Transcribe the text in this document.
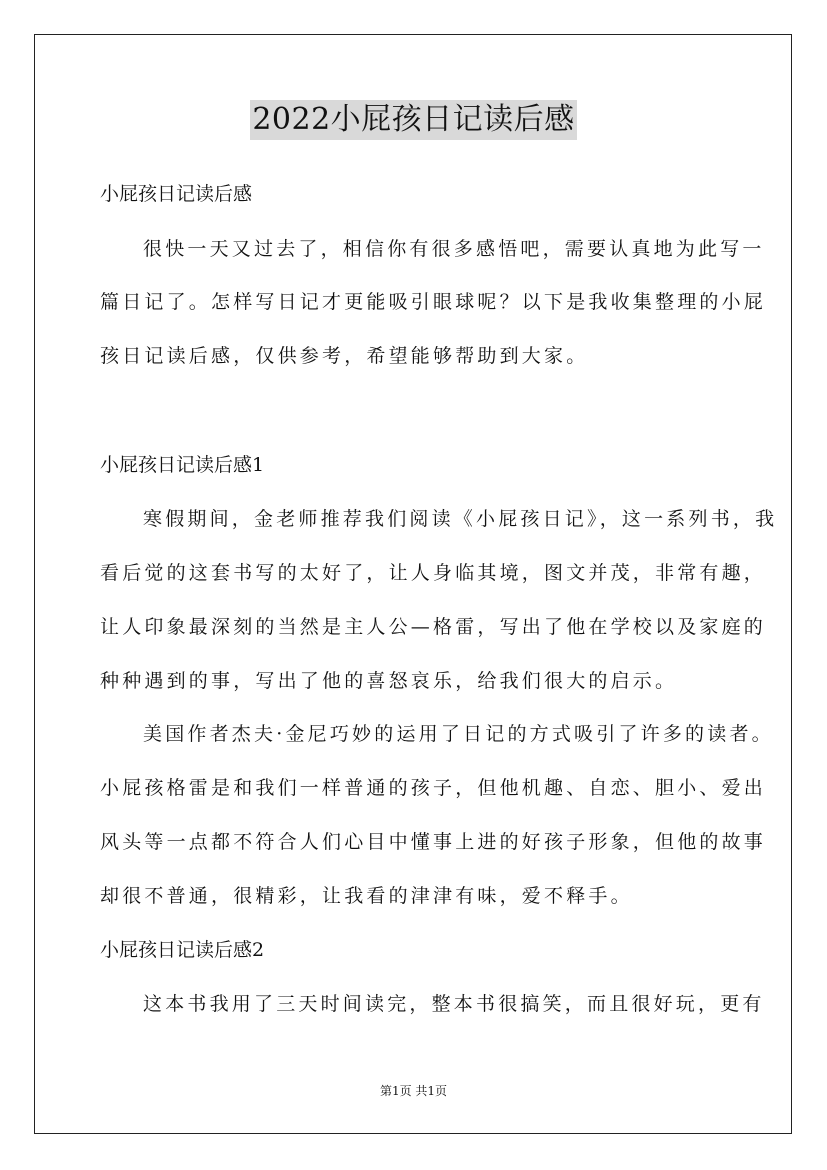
2022小屁孩日记读后感
小屁孩日记读后感
很快一天又过去了，相信你有很多感悟吧，需要认真地为此写一
篇日记了。怎样写日记才更能吸引眼球呢？以下是我收集整理的小屁
孩日记读后感，仅供参考，希望能够帮助到大家。
小屁孩日记读后感1
寒假期间，金老师推荐我们阅读《小屁孩日记》，这一系列书，我
看后觉的这套书写的太好了，让人身临其境，图文并茂，非常有趣，
让人印象最深刻的当然是主人公—格雷，写出了他在学校以及家庭的
种种遇到的事，写出了他的喜怒哀乐，给我们很大的启示。
美国作者杰夫·金尼巧妙的运用了日记的方式吸引了许多的读者。
小屁孩格雷是和我们一样普通的孩子，但他机趣、自恋、胆小、爱出
风头等一点都不符合人们心目中懂事上进的好孩子形象，但他的故事
却很不普通，很精彩，让我看的津津有味，爱不释手。
小屁孩日记读后感2
这本书我用了三天时间读完，整本书很搞笑，而且很好玩，更有
第1页 共1页
